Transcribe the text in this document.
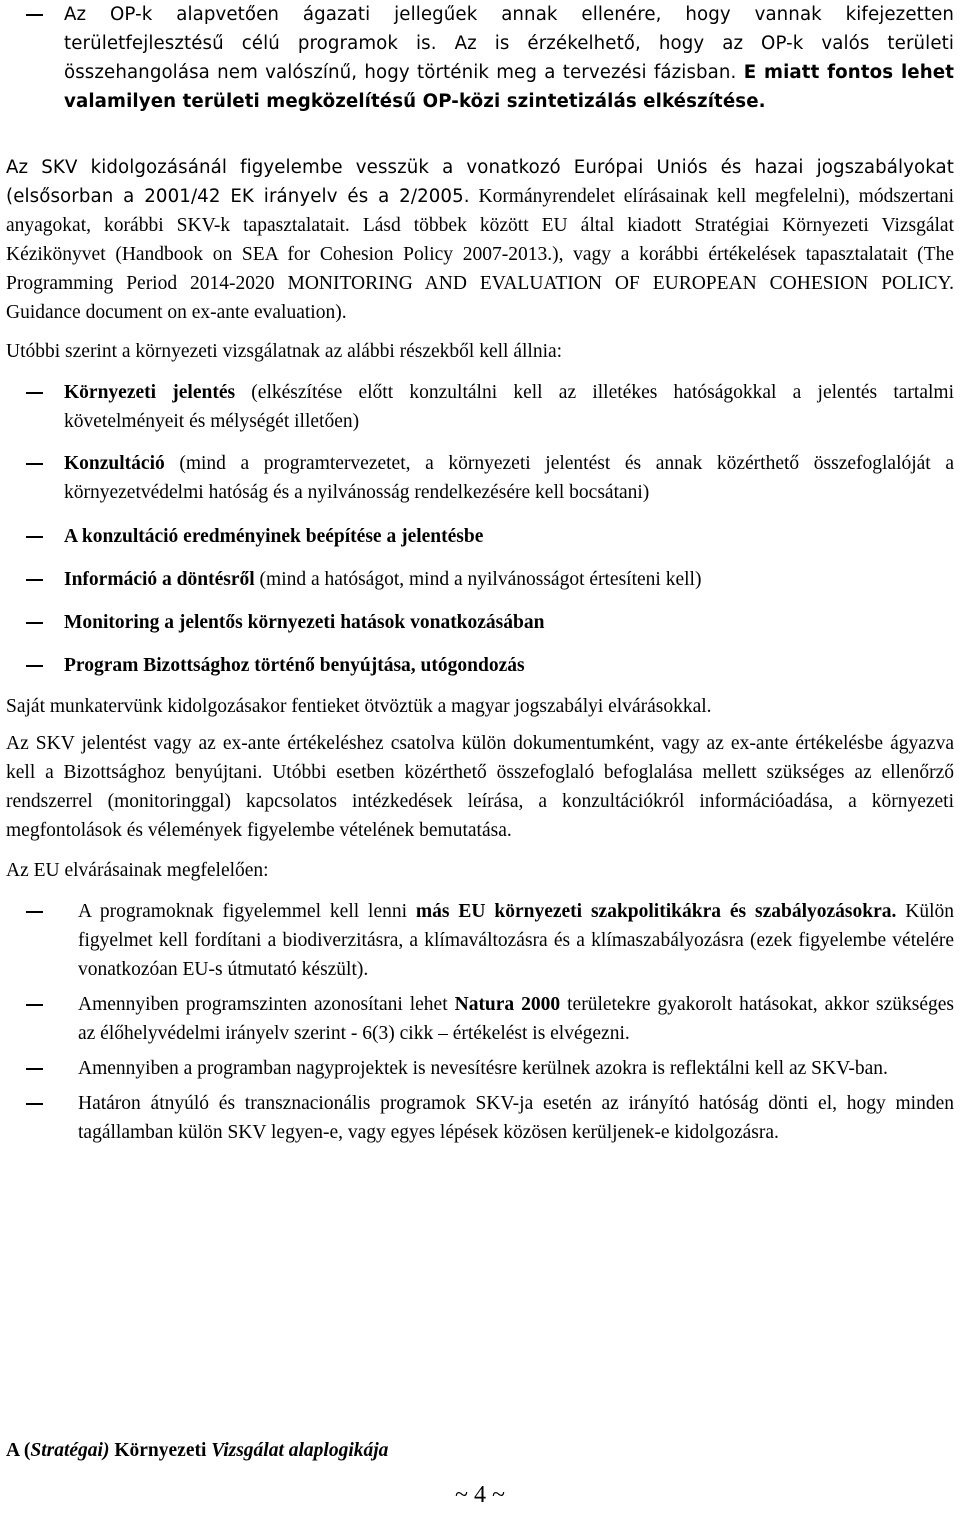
Az OP-k alapvetően ágazati jellegűek annak ellenére, hogy vannak kifejezetten területfejlesztésű célú programok is. Az is érzékelhető, hogy az OP-k valós területi összehangolása nem valószínű, hogy történik meg a tervezési fázisban. E miatt fontos lehet valamilyen területi megközelítésű OP-közi szintetizálás elkészítése.
Az SKV kidolgozásánál figyelembe vesszük a vonatkozó Európai Uniós és hazai jogszabályokat (elsősorban a 2001/42 EK irányelv és a 2/2005. Kormányrendelet elírásainak kell megfelelni), módszertani anyagokat, korábbi SKV-k tapasztalatait. Lásd többek között EU által kiadott Stratégiai Környezeti Vizsgálat Kézikönyvet (Handbook on SEA for Cohesion Policy 2007-2013.), vagy a korábbi értékelések tapasztalatait (The Programming Period 2014-2020 MONITORING AND EVALUATION OF EUROPEAN COHESION POLICY. Guidance document on ex-ante evaluation).
Utóbbi szerint a környezeti vizsgálatnak az alábbi részekből kell állnia:
Környezeti jelentés (elkészítése előtt konzultálni kell az illetékes hatóságokkal a jelentés tartalmi követelményeit és mélységét illetően)
Konzultáció (mind a programtervezetet, a környezeti jelentést és annak közérthető összefoglalóját a környezetvédelmi hatóság és a nyilvánosság rendelkezésére kell bocsátani)
A konzultáció eredményinek beépítése a jelentésbe
Információ a döntésről (mind a hatóságot, mind a nyilvánosságot értesíteni kell)
Monitoring a jelentős környezeti hatások vonatkozásában
Program Bizottsághoz történő benyújtása, utógondozás
Saját munkatervünk kidolgozásakor fentieket ötvöztük a magyar jogszabályi elvárásokkal.
Az SKV jelentést vagy az ex-ante értékeléshez csatolva külön dokumentumként, vagy az ex-ante értékelésbe ágyazva kell a Bizottsághoz benyújtani. Utóbbi esetben közérthető összefoglaló befoglalása mellett szükséges az ellenőrző rendszerrel (monitoringgal) kapcsolatos intézkedések leírása, a konzultációkról információadása, a környezeti megfontolások és vélemények figyelembe vételének bemutatása.
Az EU elvárásainak megfelelően:
A programoknak figyelemmel kell lenni más EU környezeti szakpolitikákra és szabályozásokra. Külön figyelmet kell fordítani a biodiverzitásra, a klímaváltozásra és a klímaszabályozásra (ezek figyelembe vételére vonatkozóan EU-s útmutató készült).
Amennyiben programszinten azonosítani lehet Natura 2000 területekre gyakorolt hatásokat, akkor szükséges az élőhelyvédelmi irányelv szerint - 6(3) cikk – értékelést is elvégezni.
Amennyiben a programban nagyprojektek is nevesítésre kerülnek azokra is reflektálni kell az SKV-ban.
Határon átnyúló és transznacionális programok SKV-ja esetén az irányító hatóság dönti el, hogy minden tagállamban külön SKV legyen-e, vagy egyes lépések közösen kerüljenek-e kidolgozásra.
A (Stratégai) Környezeti Vizsgálat alaplogikája
~ 4 ~
